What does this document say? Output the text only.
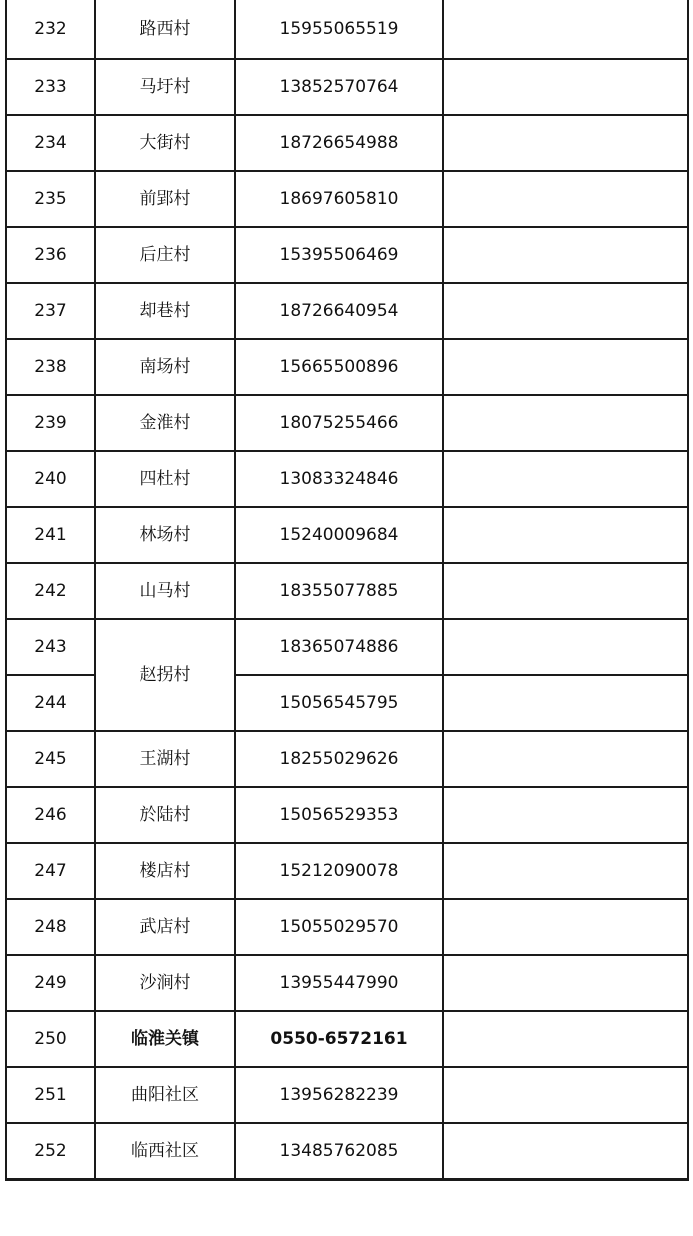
232	路西村	15955065519	
233	马圩村	13852570764	
234	大街村	18726654988	
235	前郢村	18697605810	
236	后庄村	15395506469	
237	却巷村	18726640954	
238	南场村	15665500896	
239	金淮村	18075255466	
240	四杜村	13083324846	
241	林场村	15240009684	
242	山马村	18355077885	
243	赵拐村	18365074886	
244		15056545795	
245	王湖村	18255029626	
246	於陆村	15056529353	
247	楼店村	15212090078	
248	武店村	15055029570	
249	沙涧村	13955447990	
250	临淮关镇	0550-6572161	
251	曲阳社区	13956282239	
252	临西社区	13485762085	
